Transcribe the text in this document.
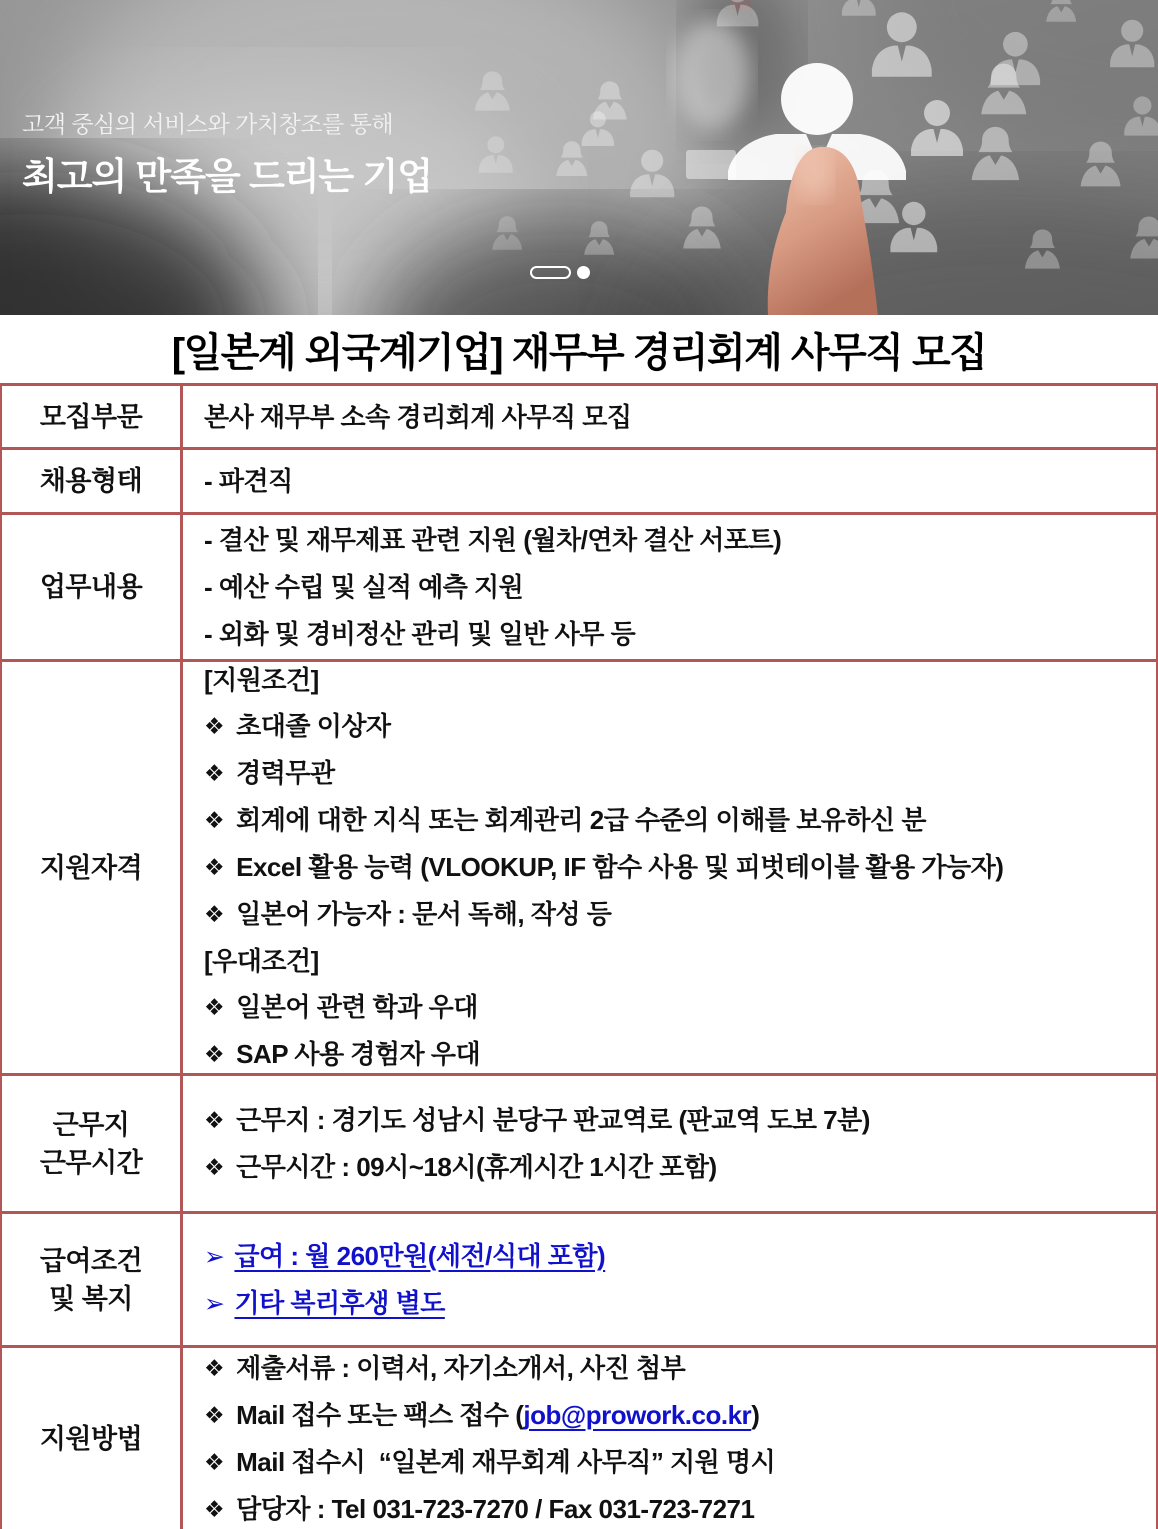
고객 중심의 서비스와 가치창조를 통해
최고의 만족을 드리는 기업
[일본계 외국계기업] 재무부 경리회계 사무직 모집
모집부문 본사 재무부 소속 경리회계 사무직 모집
채용형태 - 파견직
업무내용
- 결산 및 재무제표 관련 지원 (월차/연차 결산 서포트)
- 예산 수립 및 실적 예측 지원
- 외화 및 경비정산 관리 및 일반 사무 등
지원자격
[지원조건]
❖ 초대졸 이상자
❖ 경력무관
❖ 회계에 대한 지식 또는 회계관리 2급 수준의 이해를 보유하신 분
❖ Excel 활용 능력 (VLOOKUP, IF 함수 사용 및 피벗테이블 활용 가능자)
❖ 일본어 가능자 : 문서 독해, 작성 등
[우대조건]
❖ 일본어 관련 학과 우대
❖ SAP 사용 경험자 우대
근무지
근무시간
❖ 근무지 : 경기도 성남시 분당구 판교역로 (판교역 도보 7분)
❖ 근무시간 : 09시~18시(휴게시간 1시간 포함)
급여조건
및 복지
➢ 급여 : 월 260만원(세전/식대 포함)
➢ 기타 복리후생 별도
지원방법
❖ 제출서류 : 이력서, 자기소개서, 사진 첨부
❖ Mail 접수 또는 팩스 접수 (job@prowork.co.kr)
❖ Mail 접수시  “일본계 재무회계 사무직” 지원 명시
❖ 담당자 : Tel 031-723-7270 / Fax 031-723-7271
